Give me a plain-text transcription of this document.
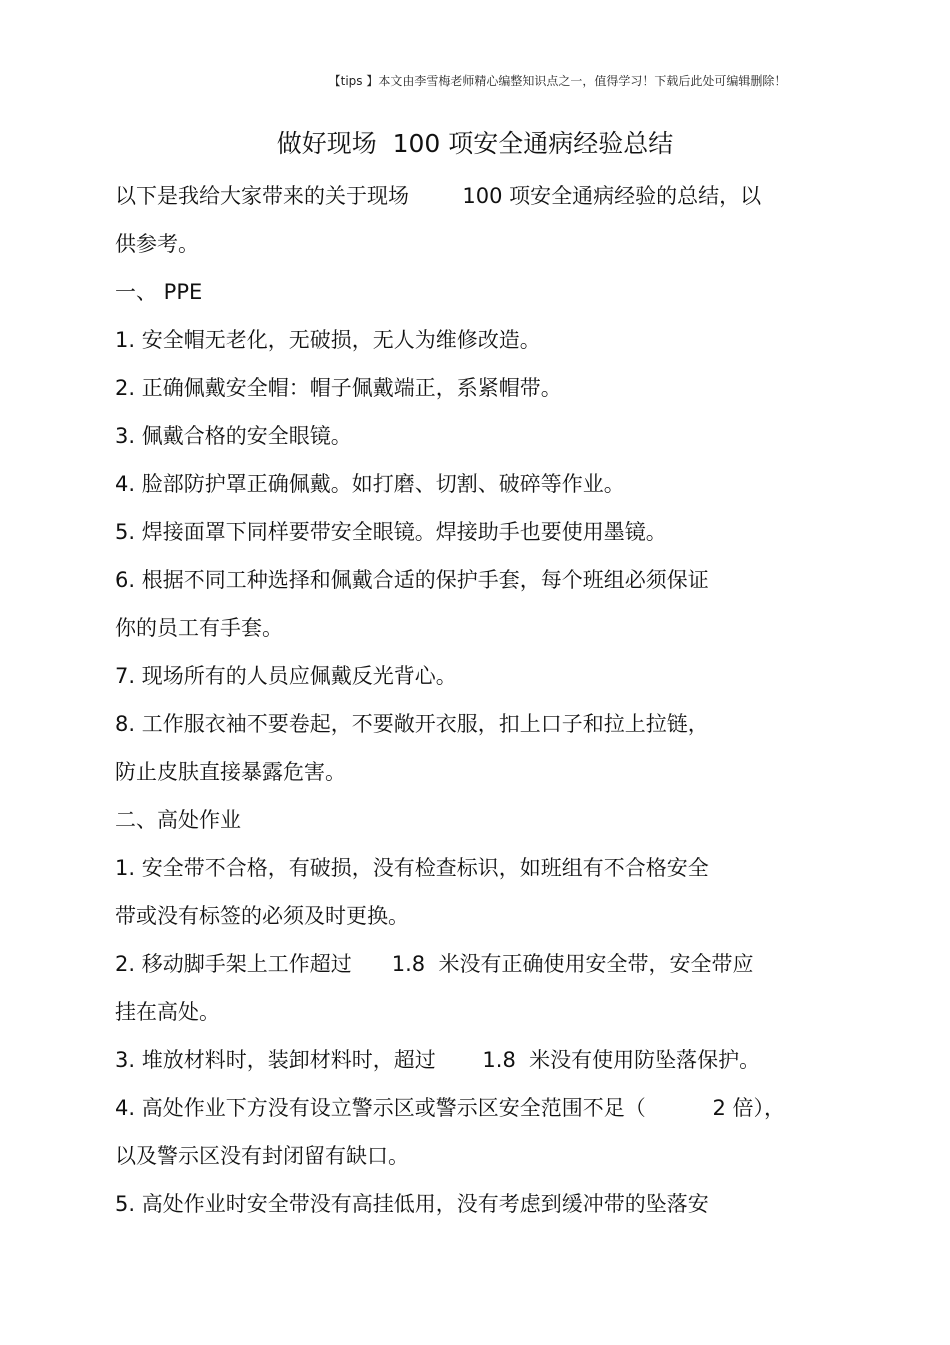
【tips 】本文由李雪梅老师精心编整知识点之一，值得学习！下载后此处可编辑删除！
做好现场  100 项安全通病经验总结
以下是我给大家带来的关于现场        100 项安全通病经验的总结，以
供参考。
一、 PPE
1. 安全帽无老化，无破损，无人为维修改造。
2. 正确佩戴安全帽：帽子佩戴端正，系紧帽带。
3. 佩戴合格的安全眼镜。
4. 脸部防护罩正确佩戴。如打磨、切割、破碎等作业。
5. 焊接面罩下同样要带安全眼镜。焊接助手也要使用墨镜。
6. 根据不同工种选择和佩戴合适的保护手套，每个班组必须保证
你的员工有手套。
7. 现场所有的人员应佩戴反光背心。
8. 工作服衣袖不要卷起，不要敞开衣服，扣上口子和拉上拉链，
防止皮肤直接暴露危害。
二、高处作业
1. 安全带不合格，有破损，没有检查标识，如班组有不合格安全
带或没有标签的必须及时更换。
2. 移动脚手架上工作超过      1.8  米没有正确使用安全带，安全带应
挂在高处。
3. 堆放材料时，装卸材料时，超过       1.8  米没有使用防坠落保护。
4. 高处作业下方没有设立警示区或警示区安全范围不足（          2 倍），
以及警示区没有封闭留有缺口。
5. 高处作业时安全带没有高挂低用，没有考虑到缓冲带的坠落安
